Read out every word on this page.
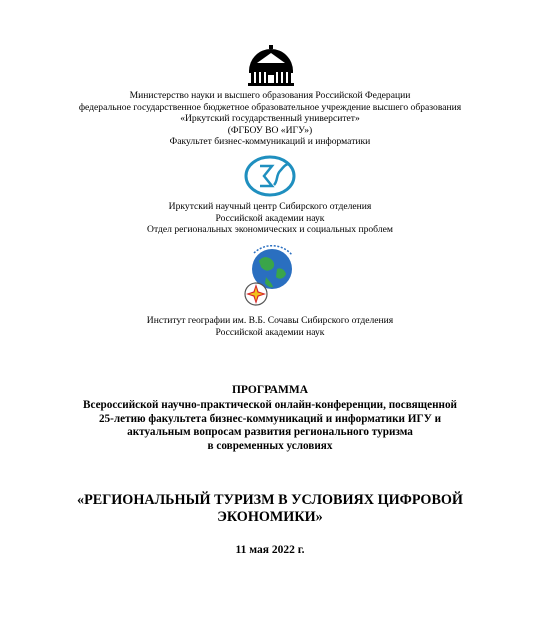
Министерство науки и высшего образования Российской Федерации
федеральное государственное бюджетное образовательное учреждение высшего образования
«Иркутский государственный университет»
(ФГБОУ ВО «ИГУ»)
Факультет бизнес-коммуникаций и информатики
Иркутский научный центр Сибирского отделения
Российской академии наук
Отдел региональных экономических и социальных проблем
Институт географии им. В.Б. Сочавы Сибирского отделения
Российской академии наук
ПРОГРАММА
Всероссийской научно-практической онлайн-конференции, посвященной
25-летию факультета бизнес-коммуникаций и информатики ИГУ и
актуальным вопросам развития регионального туризма
в современных условиях
«РЕГИОНАЛЬНЫЙ ТУРИЗМ В УСЛОВИЯХ ЦИФРОВОЙ
ЭКОНОМИКИ»
11 мая 2022 г.
